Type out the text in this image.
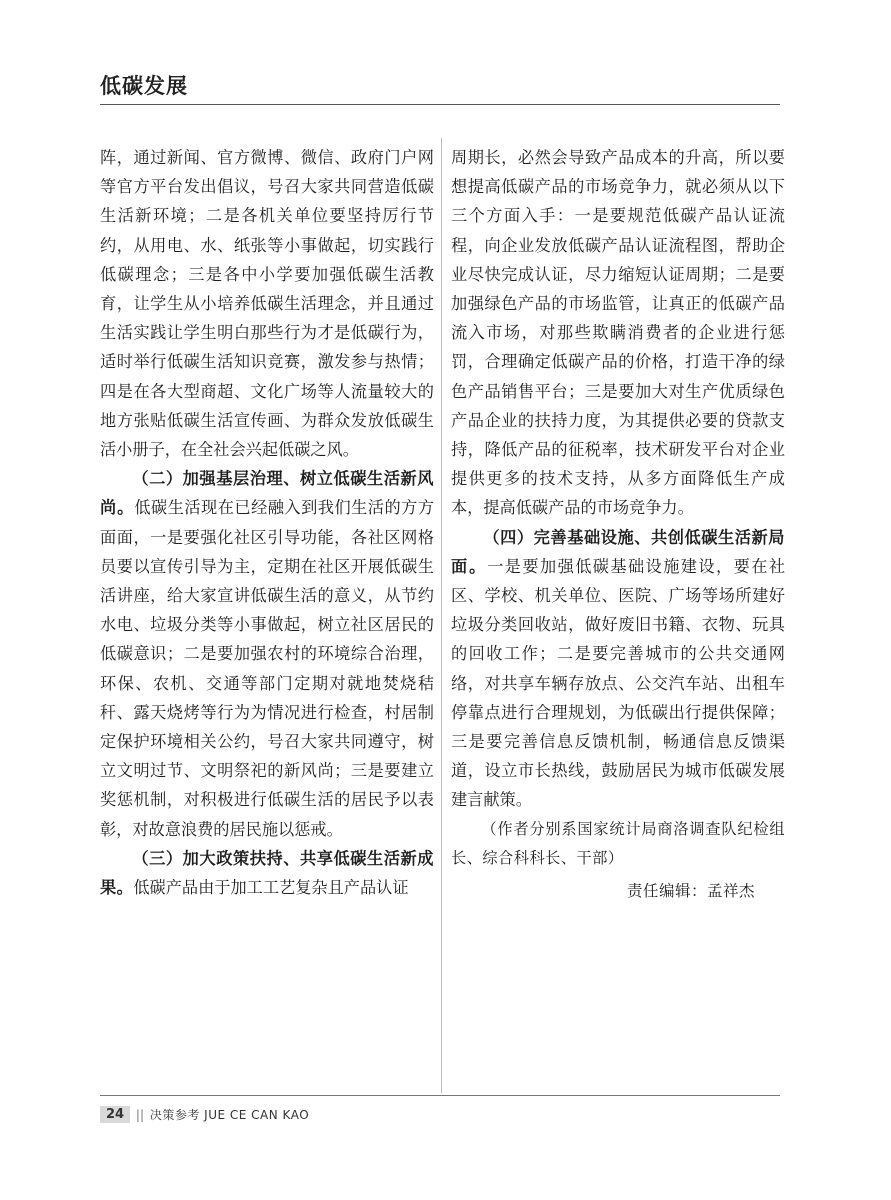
低碳发展

阵，通过新闻、官方微博、微信、政府门户网等官方平台发出倡议，号召大家共同营造低碳生活新环境；二是各机关单位要坚持厉行节约，从用电、水、纸张等小事做起，切实践行低碳理念；三是各中小学要加强低碳生活教育，让学生从小培养低碳生活理念，并且通过生活实践让学生明白那些行为才是低碳行为，适时举行低碳生活知识竞赛，激发参与热情；四是在各大型商超、文化广场等人流量较大的地方张贴低碳生活宣传画、为群众发放低碳生活小册子，在全社会兴起低碳之风。

（二）加强基层治理、树立低碳生活新风尚。低碳生活现在已经融入到我们生活的方方面面，一是要强化社区引导功能，各社区网格员要以宣传引导为主，定期在社区开展低碳生活讲座，给大家宣讲低碳生活的意义，从节约水电、垃圾分类等小事做起，树立社区居民的低碳意识；二是要加强农村的环境综合治理，环保、农机、交通等部门定期对就地焚烧秸秆、露天烧烤等行为为情况进行检查，村居制定保护环境相关公约，号召大家共同遵守，树立文明过节、文明祭祀的新风尚；三是要建立奖惩机制，对积极进行低碳生活的居民予以表彰，对故意浪费的居民施以惩戒。

（三）加大政策扶持、共享低碳生活新成果。低碳产品由于加工工艺复杂且产品认证

周期长，必然会导致产品成本的升高，所以要想提高低碳产品的市场竞争力，就必须从以下三个方面入手：一是要规范低碳产品认证流程，向企业发放低碳产品认证流程图，帮助企业尽快完成认证，尽力缩短认证周期；二是要加强绿色产品的市场监管，让真正的低碳产品流入市场，对那些欺瞒消费者的企业进行惩罚，合理确定低碳产品的价格，打造干净的绿色产品销售平台；三是要加大对生产优质绿色产品企业的扶持力度，为其提供必要的贷款支持，降低产品的征税率，技术研发平台对企业提供更多的技术支持，从多方面降低生产成本，提高低碳产品的市场竞争力。

（四）完善基础设施、共创低碳生活新局面。一是要加强低碳基础设施建设，要在社区、学校、机关单位、医院、广场等场所建好垃圾分类回收站，做好废旧书籍、衣物、玩具的回收工作；二是要完善城市的公共交通网络，对共享车辆存放点、公交汽车站、出租车停靠点进行合理规划，为低碳出行提供保障；三是要完善信息反馈机制，畅通信息反馈渠道，设立市长热线，鼓励居民为城市低碳发展建言献策。

（作者分别系国家统计局商洛调查队纪检组长、综合科科长、干部）

责任编辑：孟祥杰

24 || 决策参考 JUE CE CAN KAO
